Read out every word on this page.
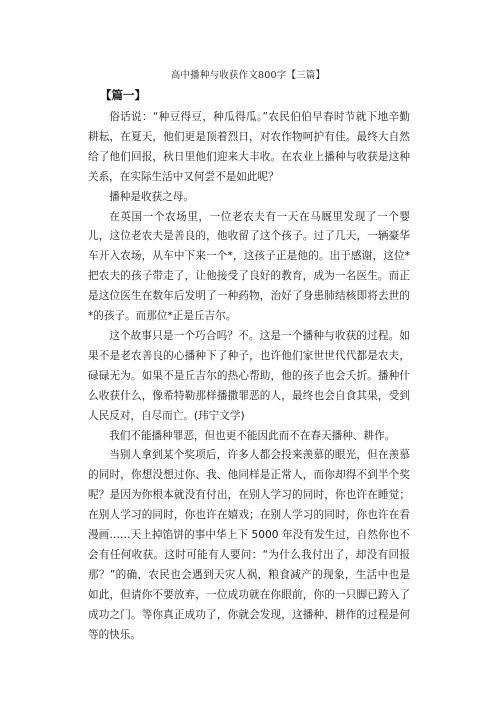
高中播种与收获作文800字【三篇】
【篇一】

俗话说：“种豆得豆，种瓜得瓜。”农民伯伯早春时节就下地辛勤耕耘，在夏天，他们更是顶着烈日，对农作物呵护有佳。最终大自然给了他们回报，秋日里他们迎来大丰收。在农业上播种与收获是这种关系，在实际生活中又何尝不是如此呢？

播种是收获之母。

在英国一个农场里，一位老农夫有一天在马厩里发现了一个婴儿，这位老农夫是善良的，他收留了这个孩子。过了几天，一辆豪华车开入农场，从车中下来一个*，这孩子正是他的。出于感谢，这位*把农夫的孩子带走了，让他接受了良好的教育，成为一名医生。而正是这位医生在数年后发明了一种药物，治好了身患肺结核即将去世的*的孩子。而那位*正是丘吉尔。

这个故事只是一个巧合吗？不。这是一个播种与收获的过程。如果不是老农善良的心播种下了种子，也许他们家世世代代都是农夫，碌碌无为。如果不是丘吉尔的热心帮助，他的孩子也会夭折。播种什么收获什么，像希特勒那样播撒罪恶的人，最终也会自食其果，受到人民反对，自尽而亡。(玮宁文学)

我们不能播种罪恶，但也更不能因此而不在春天播种、耕作。

当别人拿到某个奖项后，许多人都会投来羡慕的眼光，但在羡慕的同时，你想没想过你、我、他同样是正常人，而你却得不到半个奖呢？是因为你根本就没有付出，在别人学习的同时，你也许在睡觉；在别人学习的同时，你也许在嬉戏；在别人学习的同时，你也许在看漫画……天上掉馅饼的事中华上下 5000 年没有发生过，自然你也不会有任何收获。这时可能有人要问：“为什么我付出了，却没有回报那？”的确，农民也会遇到天灾人祸，粮食减产的现象，生活中也是如此，但请你不要放弃，一位成功就在你眼前，你的一只脚已跨入了成功之门。等你真正成功了，你就会发现，这播种、耕作的过程是何等的快乐。
